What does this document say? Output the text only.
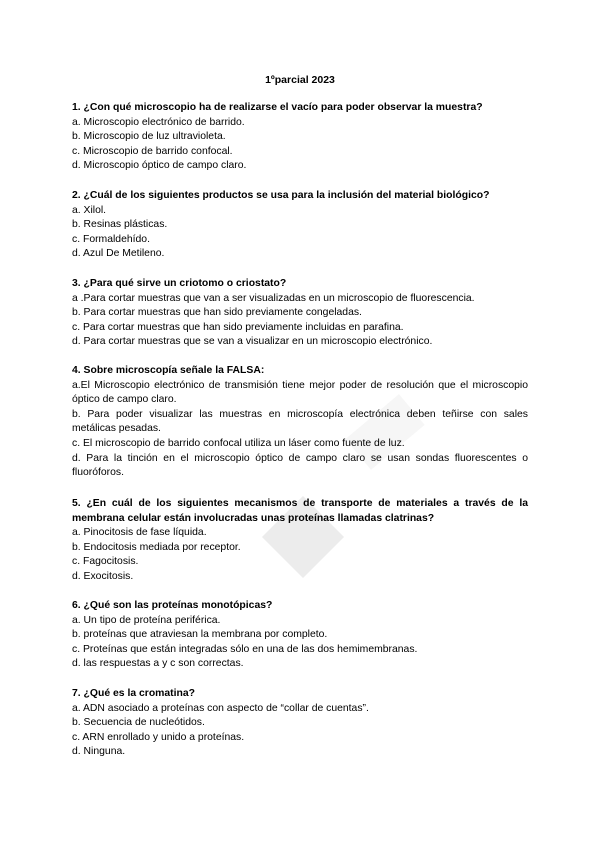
1ºparcial 2023
1. ¿Con qué microscopio ha de realizarse el vacío para poder observar la muestra?
a. Microscopio electrónico de barrido.
b. Microscopio de luz ultravioleta.
c. Microscopio de barrido confocal.
d. Microscopio óptico de campo claro.
2. ¿Cuál de los siguientes productos se usa para la inclusión del material biológico?
a. Xilol.
b. Resinas plásticas.
c. Formaldehído.
d. Azul De Metileno.
3. ¿Para qué sirve un criotomo o criostato?
a .Para cortar muestras que van a ser visualizadas en un microscopio de fluorescencia.
b. Para cortar muestras que han sido previamente congeladas.
c. Para cortar muestras que han sido previamente incluidas en parafina.
d. Para cortar muestras que se van a visualizar en un microscopio electrónico.
4. Sobre microscopía señale la FALSA:
a.El Microscopio electrónico de transmisión tiene mejor poder de resolución que el microscopio óptico de campo claro.
b. Para poder visualizar las muestras en microscopía electrónica deben teñirse con sales metálicas pesadas.
c. El microscopio de barrido confocal utiliza un láser como fuente de luz.
d. Para la tinción en el microscopio óptico de campo claro se usan sondas fluorescentes o fluoróforos.
5. ¿En cuál de los siguientes mecanismos de transporte de materiales a través de la membrana celular están involucradas unas proteínas llamadas clatrinas?
a. Pinocitosis de fase líquida.
b. Endocitosis mediada por receptor.
c. Fagocitosis.
d. Exocitosis.
6. ¿Qué son las proteínas monotópicas?
a. Un tipo de proteína periférica.
b. proteínas que atraviesan la membrana por completo.
c. Proteínas que están integradas sólo en una de las dos hemimembranas.
d. las respuestas a y c son correctas.
7. ¿Qué es la cromatina?
a. ADN asociado a proteínas con aspecto de “collar de cuentas”.
b. Secuencia de nucleótidos.
c. ARN enrollado y unido a proteínas.
d. Ninguna.
